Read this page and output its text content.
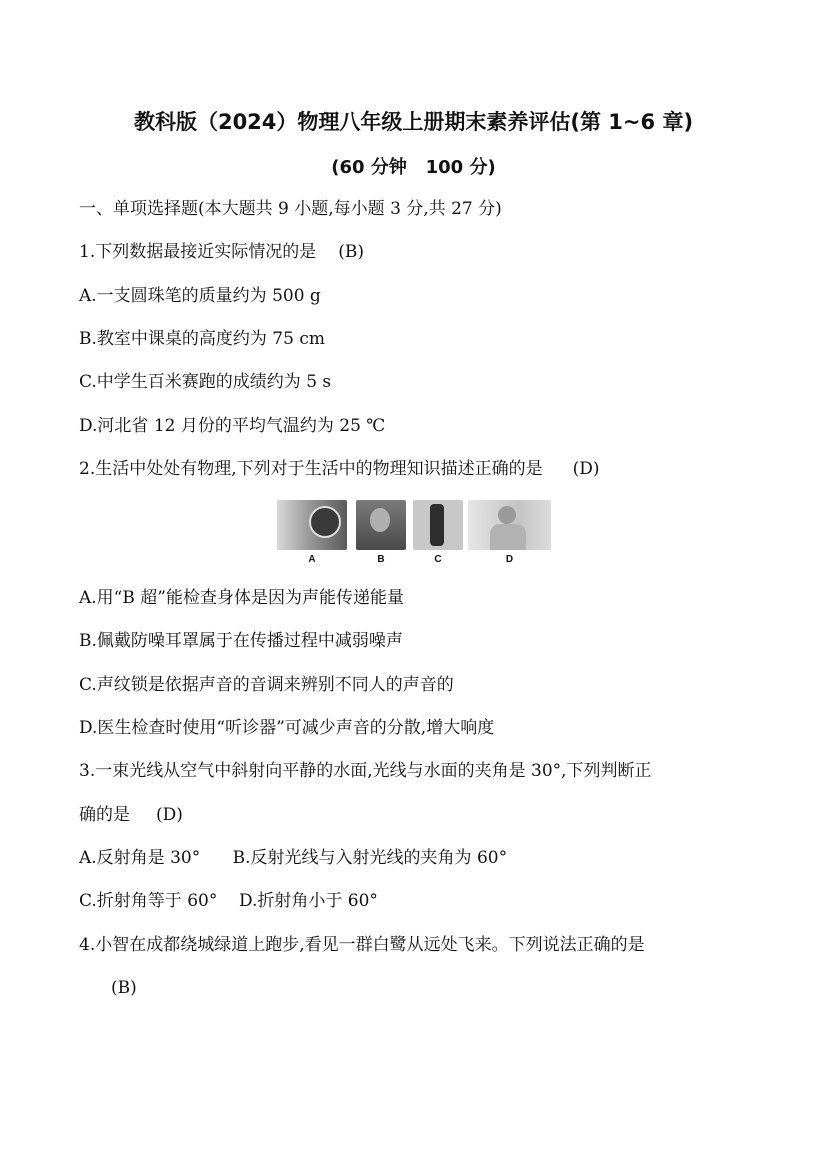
教科版（2024）物理八年级上册期末素养评估(第 1~6 章)
(60 分钟   100 分)
一、单项选择题(本大题共 9 小题,每小题 3 分,共 27 分)
1.下列数据最接近实际情况的是 (B)
A.一支圆珠笔的质量约为 500 g
B.教室中课桌的高度约为 75 cm
C.中学生百米赛跑的成绩约为 5 s
D.河北省 12 月份的平均气温约为 25 ℃
2.生活中处处有物理,下列对于生活中的物理知识描述正确的是 (D)
A	B	C	D
A.用“B 超”能检查身体是因为声能传递能量
B.佩戴防噪耳罩属于在传播过程中减弱噪声
C.声纹锁是依据声音的音调来辨别不同人的声音的
D.医生检查时使用“听诊器”可减少声音的分散,增大响度
3.一束光线从空气中斜射向平静的水面,光线与水面的夹角是 30°,下列判断正
确的是 (D)
A.反射角是 30°      B.反射光线与入射光线的夹角为 60°
C.折射角等于 60°    D.折射角小于 60°
4.小智在成都绕城绿道上跑步,看见一群白鹭从远处飞来。下列说法正确的是
(B)
